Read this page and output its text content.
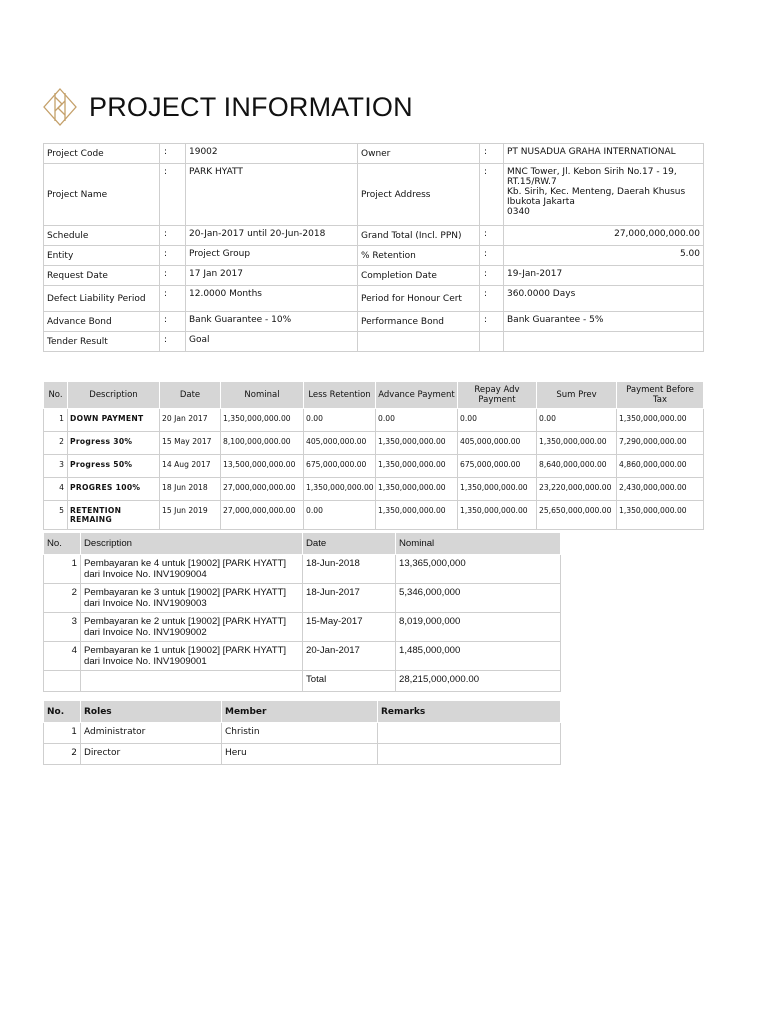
PROJECT INFORMATION
Project Code	:	19002	Owner	:	PT NUSADUA GRAHA INTERNATIONAL
Project Name	:	PARK HYATT	Project Address	:	MNC Tower, Jl. Kebon Sirih No.17 - 19, RT.15/RW.7
Kb. Sirih, Kec. Menteng, Daerah Khusus Ibukota Jakarta
0340
Schedule	:	20-Jan-2017 until 20-Jun-2018	Grand Total (Incl. PPN)	:	27,000,000,000.00
Entity	:	Project Group	% Retention	:	5.00
Request Date	:	17 Jan 2017	Completion Date	:	19-Jan-2017
Defect Liability Period	:	12.0000 Months	Period for Honour Cert	:	360.0000 Days
Advance Bond	:	Bank Guarantee - 10%	Performance Bond	:	Bank Guarantee - 5%
Tender Result	:	Goal			
No.	Description	Date	Nominal	Less Retention	Advance Payment	Repay Adv Payment	Sum Prev	Payment Before Tax
1	DOWN PAYMENT	20 Jan 2017	1,350,000,000.00	0.00	0.00	0.00	0.00	1,350,000,000.00
2	Progress 30%	15 May 2017	8,100,000,000.00	405,000,000.00	1,350,000,000.00	405,000,000.00	1,350,000,000.00	7,290,000,000.00
3	Progress 50%	14 Aug 2017	13,500,000,000.00	675,000,000.00	1,350,000,000.00	675,000,000.00	8,640,000,000.00	4,860,000,000.00
4	PROGRES 100%	18 Jun 2018	27,000,000,000.00	1,350,000,000.00	1,350,000,000.00	1,350,000,000.00	23,220,000,000.00	2,430,000,000.00
5	RETENTION REMAING	15 Jun 2019	27,000,000,000.00	0.00	1,350,000,000.00	1,350,000,000.00	25,650,000,000.00	1,350,000,000.00
No.	Description	Date	Nominal
1	Pembayaran ke 4 untuk [19002] [PARK HYATT] dari Invoice No. INV1909004	18-Jun-2018	13,365,000,000
2	Pembayaran ke 3 untuk [19002] [PARK HYATT] dari Invoice No. INV1909003	18-Jun-2017	5,346,000,000
3	Pembayaran ke 2 untuk [19002] [PARK HYATT] dari Invoice No. INV1909002	15-May-2017	8,019,000,000
4	Pembayaran ke 1 untuk [19002] [PARK HYATT] dari Invoice No. INV1909001	20-Jan-2017	1,485,000,000
		Total	28,215,000,000.00
No.	Roles	Member	Remarks
1	Administrator	Christin	
2	Director	Heru	
